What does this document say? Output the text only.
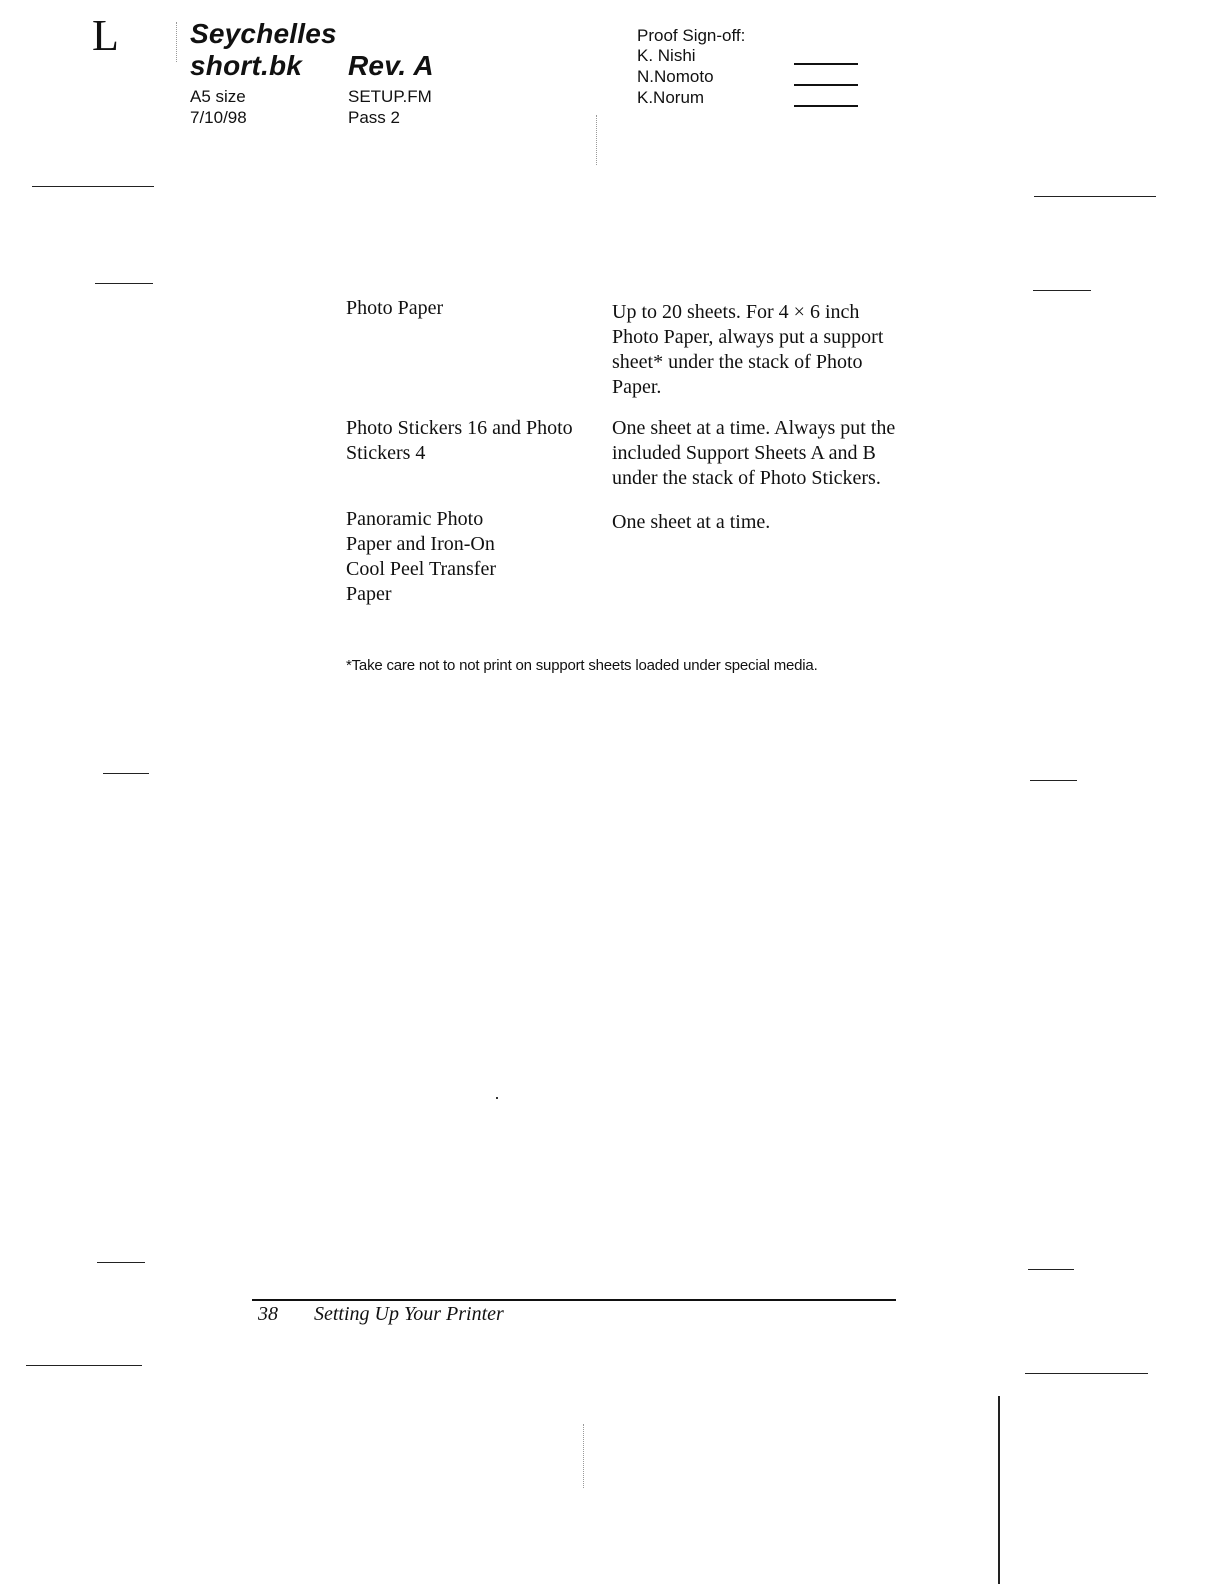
L	Seychelles
short.bk Rev. A
A5 size
7/10/98
SETUP.FM
Pass 2
Proof Sign-off:
K. Nishi
N.Nomoto
K.Norum
Photo Paper	Up to 20 sheets. For 4 × 6 inch Photo Paper, always put a support sheet* under the stack of Photo Paper.
Photo Stickers 16 and Photo Stickers 4
One sheet at a time. Always put the included Support Sheets A and B under the stack of Photo Stickers.
Panoramic Photo Paper and Iron-On Cool Peel Transfer Paper
One sheet at a time.
*Take care not to not print on support sheets loaded under special media.
38 Setting Up Your Printer
